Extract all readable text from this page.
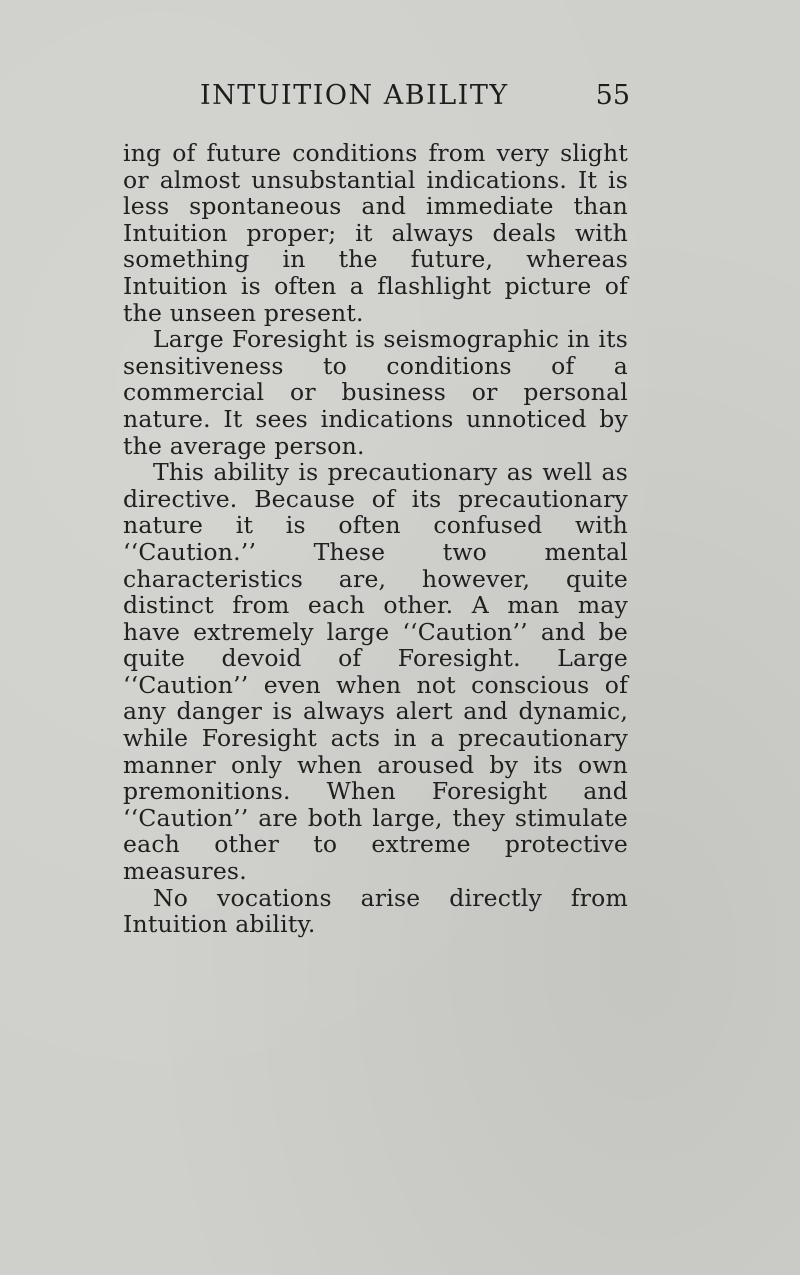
INTUITION ABILITY	55

ing of future conditions from very slight or almost unsubstantial indications. It is less spontaneous and immediate than Intuition proper; it always deals with something in the future, whereas Intuition is often a flashlight picture of the unseen present.

Large Foresight is seismographic in its sensitiveness to conditions of a commercial or business or personal nature. It sees indications unnoticed by the average person.

This ability is precautionary as well as directive. Because of its precautionary nature it is often confused with ‘‘Caution.’’ These two mental characteristics are, however, quite distinct from each other. A man may have extremely large ‘‘Caution’’ and be quite devoid of Foresight. Large ‘‘Caution’’ even when not conscious of any danger is always alert and dynamic, while Foresight acts in a precautionary manner only when aroused by its own premonitions. When Foresight and ‘‘Caution’’ are both large, they stimulate each other to extreme protective measures.

No vocations arise directly from Intuition ability.
